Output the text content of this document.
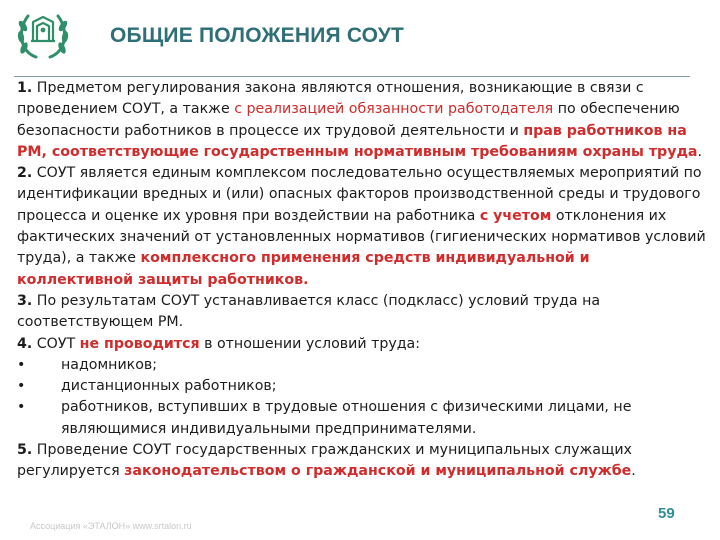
ОБЩИЕ ПОЛОЖЕНИЯ СОУТ

1. Предметом регулирования закона являются отношения, возникающие в связи с проведением СОУТ, а также с реализацией обязанности работодателя по обеспечению безопасности работников в процессе их трудовой деятельности и прав работников на РМ, соответствующие государственным нормативным требованиям охраны труда.

2. СОУТ является единым комплексом последовательно осуществляемых мероприятий по идентификации вредных и (или) опасных факторов производственной среды и трудового процесса и оценке их уровня при воздействии на работника с учетом отклонения их фактических значений от установленных нормативов (гигиенических нормативов условий труда), а также комплексного применения средств индивидуальной и коллективной защиты работников.

3. По результатам СОУТ устанавливается класс (подкласс) условий труда на соответствующем РМ.

4. СОУТ не проводится в отношении условий труда:

•	надомников;
•	дистанционных работников;
•	работников, вступивших в трудовые отношения с физическими лицами, не являющимися индивидуальными предпринимателями.

5. Проведение СОУТ государственных гражданских и муниципальных служащих регулируется законодательством о гражданской и муниципальной службе.

Ассоциация «ЭТАЛОН» www.srtalon.ru
59
